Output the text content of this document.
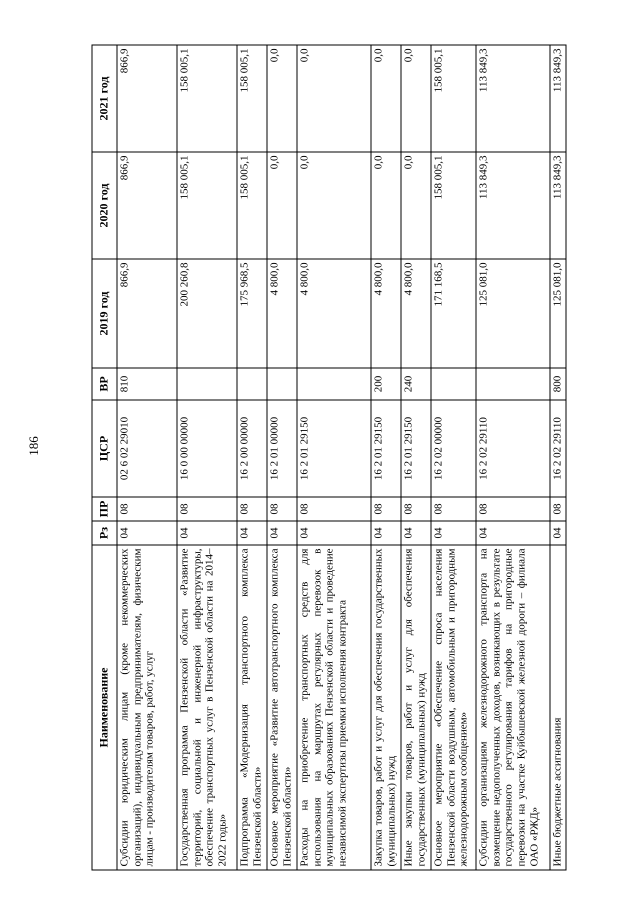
186
Наименование	Рз	ПР	ЦСР	ВР	2019 год	2020 год	2021 год
Субсидии юридическим лицам (кроме некоммерческих организаций), индивидуальным предпринимателям, физическим лицам - производителям товаров, работ, услуг	04	08	02 6 02 29010	810	866,9	866,9	866,9
Государственная программа Пензенской области «Развитие территорий, социальной и инженерной инфраструктуры, обеспечение транспортных услуг в Пензенской области на 2014–2022 годы»	04	08	16 0 00 00000		200 260,8	158 005,1	158 005,1
Подпрограмма «Модернизация транспортного комплекса Пензенской области»	04	08	16 2 00 00000		175 968,5	158 005,1	158 005,1
Основное мероприятие «Развитие автотранспортного комплекса Пензенской области»	04	08	16 2 01 00000		4 800,0	0,0	0,0
Расходы на приобретение транспортных средств для использования на маршрутах регулярных перевозок в муниципальных образованиях Пензенской области и проведение независимой экспертизы приемки исполнения контракта	04	08	16 2 01 29150		4 800,0	0,0	0,0
Закупка товаров, работ и услуг для обеспечения государственных (муниципальных) нужд	04	08	16 2 01 29150	200	4 800,0	0,0	0,0
Иные закупки товаров, работ и услуг для обеспечения государственных (муниципальных) нужд	04	08	16 2 01 29150	240	4 800,0	0,0	0,0
Основное мероприятие «Обеспечение спроса населения Пензенской области воздушным, автомобильным и пригородным железнодорожным сообщением»	04	08	16 2 02 00000		171 168,5	158 005,1	158 005,1
Субсидии организациям железнодорожного транспорта на возмещение недополученных доходов, возникающих в результате государственного регулирования тарифов на пригородные перевозки на участке Куйбышевской железной дороги – филиала ОАО «РЖД»	04	08	16 2 02 29110		125 081,0	113 849,3	113 849,3
Иные бюджетные ассигнования	04	08	16 2 02 29110	800	125 081,0	113 849,3	113 849,3
